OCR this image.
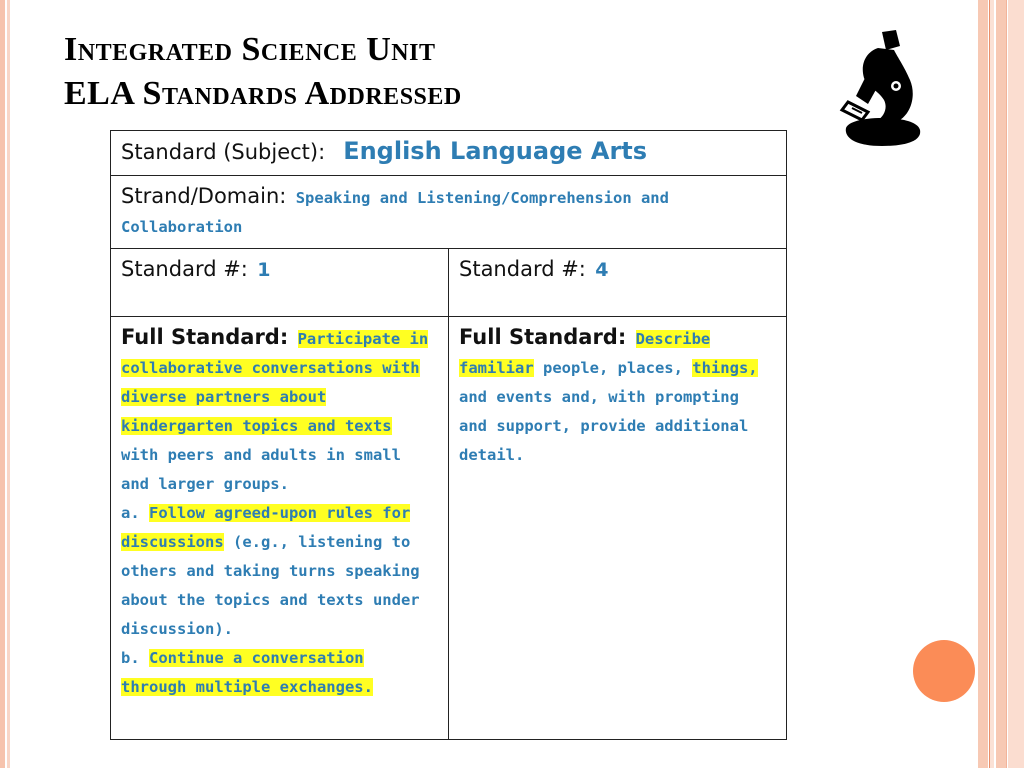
Integrated Science Unit
ELA Standards Addressed
Standard (Subject): English Language Arts	
Strand/Domain: Speaking and Listening/Comprehension and Collaboration	
Standard #: 1	Standard #: 4
Full Standard: Participate in collaborative conversations with diverse partners about kindergarten topics and texts with peers and adults in small and larger groups.
a. Follow agreed-upon rules for discussions (e.g., listening to others and taking turns speaking about the topics and texts under discussion).
b. Continue a conversation through multiple exchanges.	Full Standard: Describe familiar people, places, things, and events and, with prompting and support, provide additional detail.
